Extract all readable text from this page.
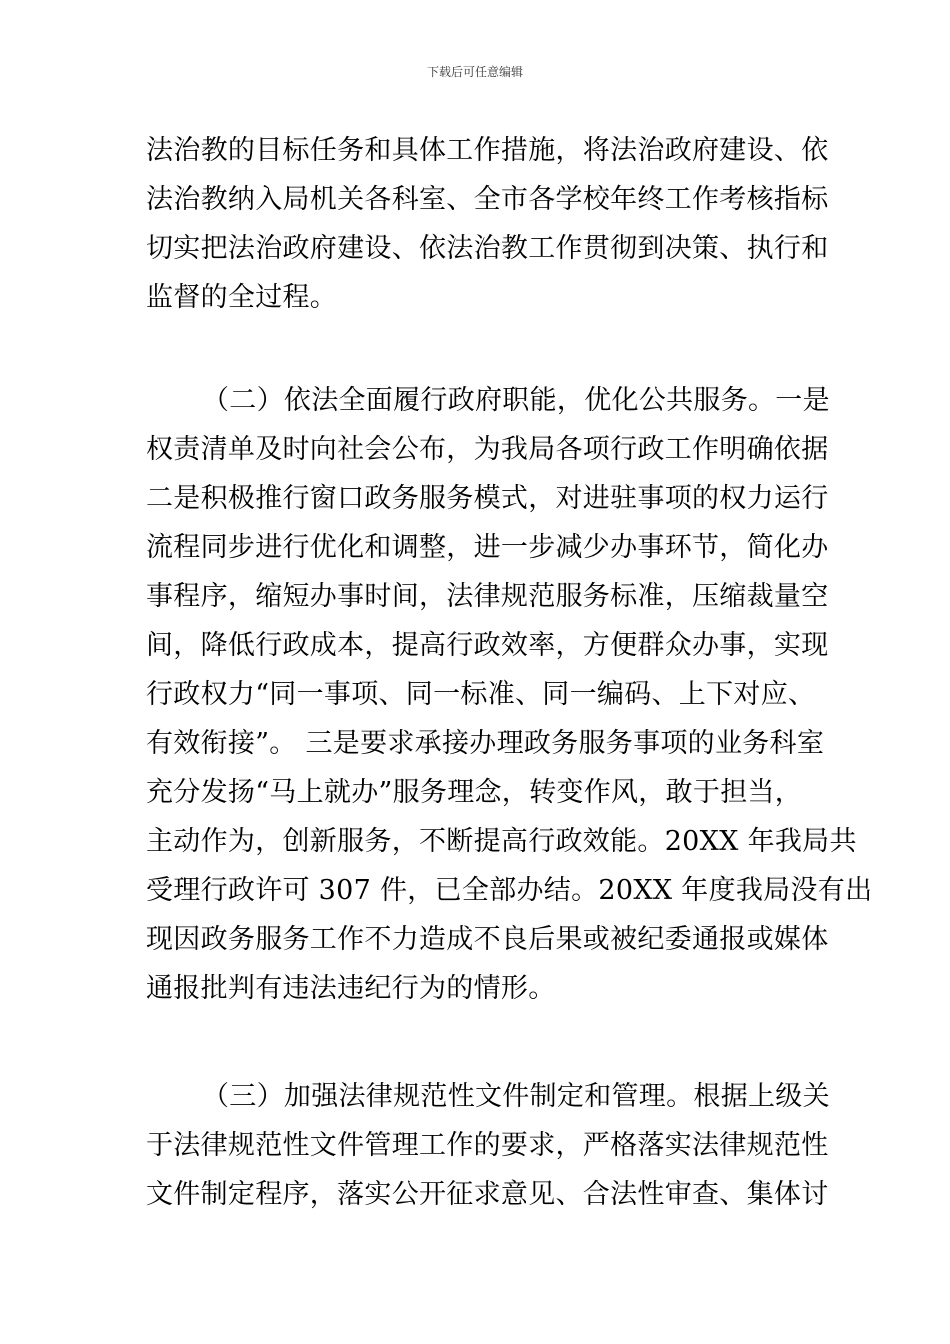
下载后可任意编辑
法治教的目标任务和具体工作措施，将法治政府建设、依
法治教纳入局机关各科室、全市各学校年终工作考核指标
切实把法治政府建设、依法治教工作贯彻到决策、执行和
监督的全过程。
（二）依法全面履行政府职能，优化公共服务。一是
权责清单及时向社会公布，为我局各项行政工作明确依据
二是积极推行窗口政务服务模式，对进驻事项的权力运行
流程同步进行优化和调整，进一步减少办事环节，简化办
事程序，缩短办事时间，法律规范服务标准，压缩裁量空
间，降低行政成本，提高行政效率，方便群众办事，实现
行政权力“同一事项、同一标准、同一编码、上下对应、
有效衔接”。 三是要求承接办理政务服务事项的业务科室
充分发扬“马上就办”服务理念，转变作风，敢于担当，
主动作为，创新服务，不断提高行政效能。20XX 年我局共
受理行政许可 307 件，已全部办结。20XX 年度我局没有出
现因政务服务工作不力造成不良后果或被纪委通报或媒体
通报批判有违法违纪行为的情形。
（三）加强法律规范性文件制定和管理。根据上级关
于法律规范性文件管理工作的要求，严格落实法律规范性
文件制定程序，落实公开征求意见、合法性审查、集体讨
